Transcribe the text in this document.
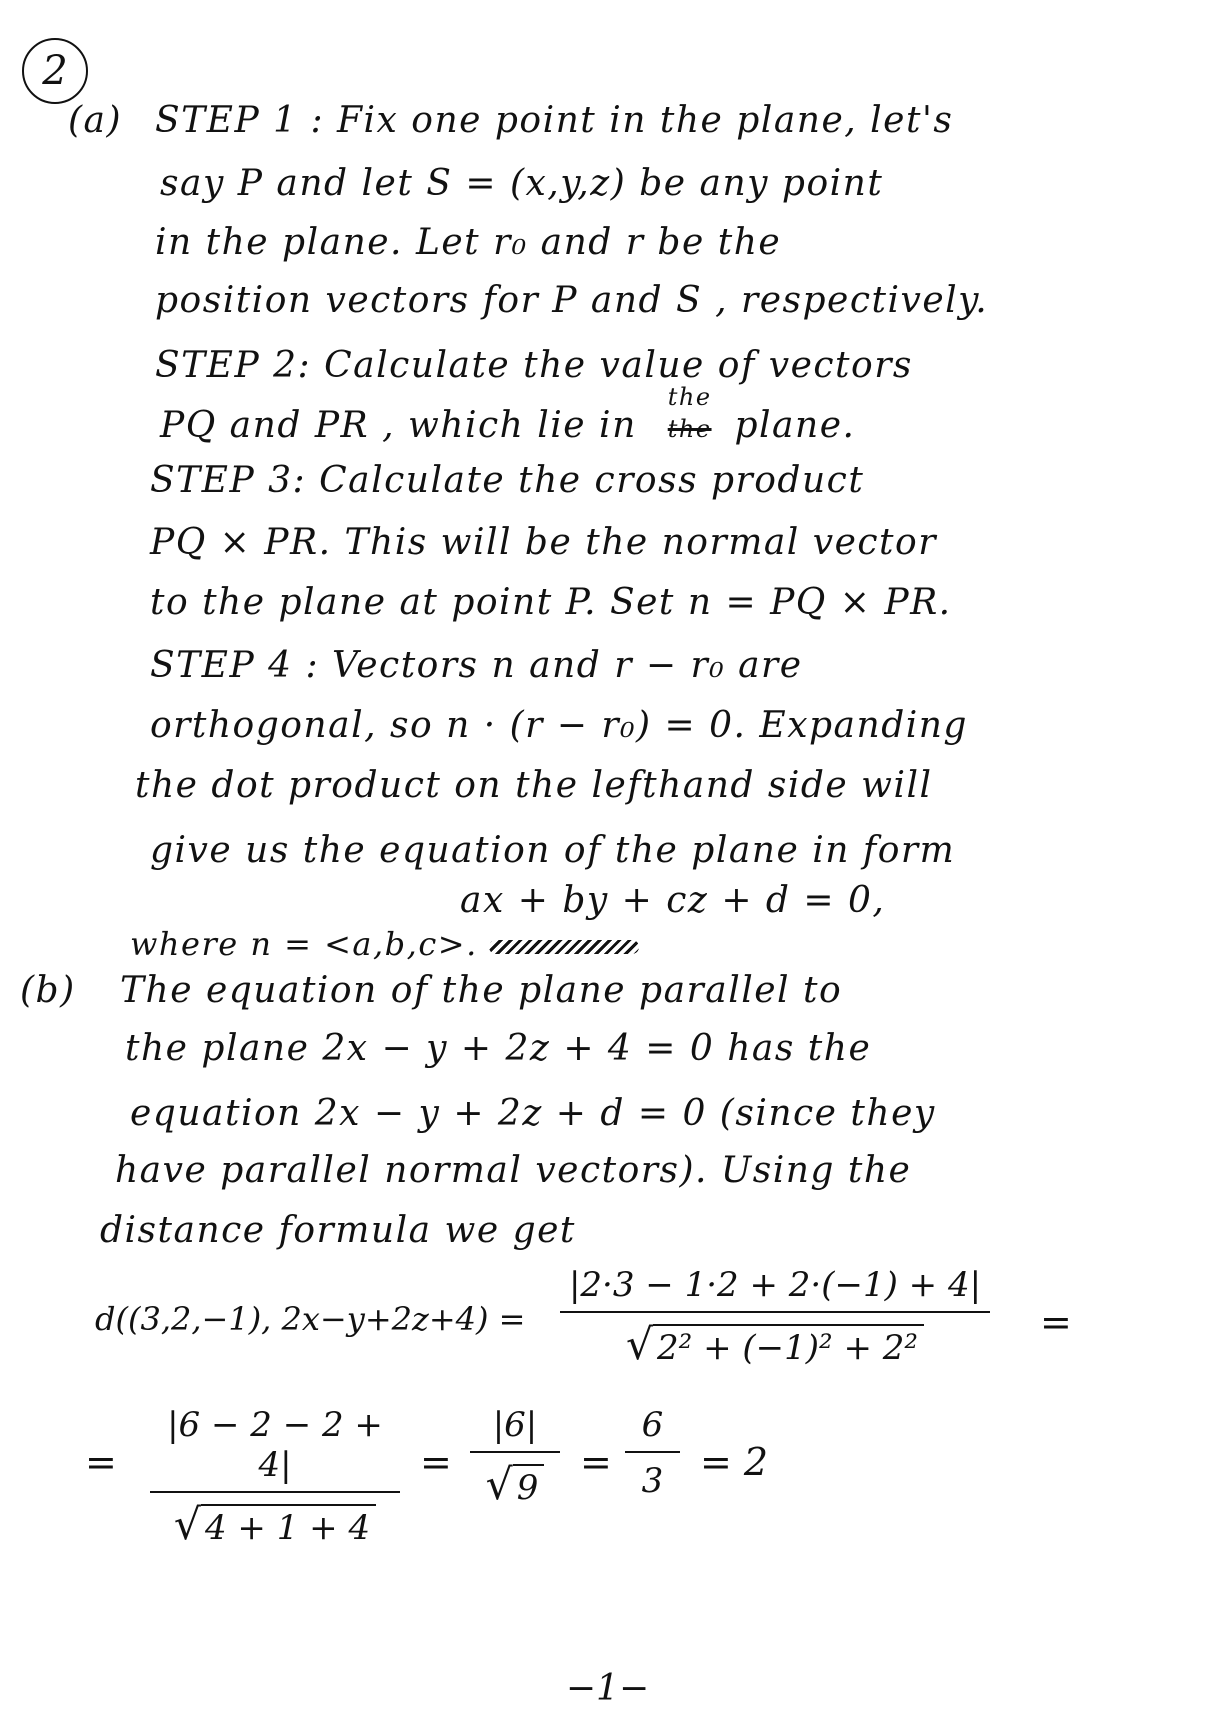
2
(a) STEP 1 : Fix one point in the plane, let's
say P and let S = (x,y,z) be any point
in the plane. Let r₀ and r be the
position vectors for P and S , respectively.
STEP 2: Calculate the value of vectors
PQ and PR , which lie in
the
the plane.
STEP 3: Calculate the cross product
PQ × PR. This will be the normal vector
to the plane at point P. Set n = PQ × PR.
STEP 4 : Vectors n and r − r₀ are
orthogonal, so n · (r − r₀) = 0. Expanding
the dot product on the lefthand side will
give us the equation of the plane in form
ax + by + cz + d = 0,
where n = <a,b,c>.
(b) The equation of the plane parallel to
the plane 2x − y + 2z + 4 = 0 has the
equation 2x − y + 2z + d = 0 (since they
have parallel normal vectors). Using the
distance formula we get
d((3,2,−1), 2x−y+2z+4) =
|2·3 − 1·2 + 2·(−1) + 4|
√ 2² + (−1)² + 2²
=
=
|6 − 2 − 2 + 4|
√ 4 + 1 + 4
=
|6|
√ 9
=
6
3 = 2
−1−
